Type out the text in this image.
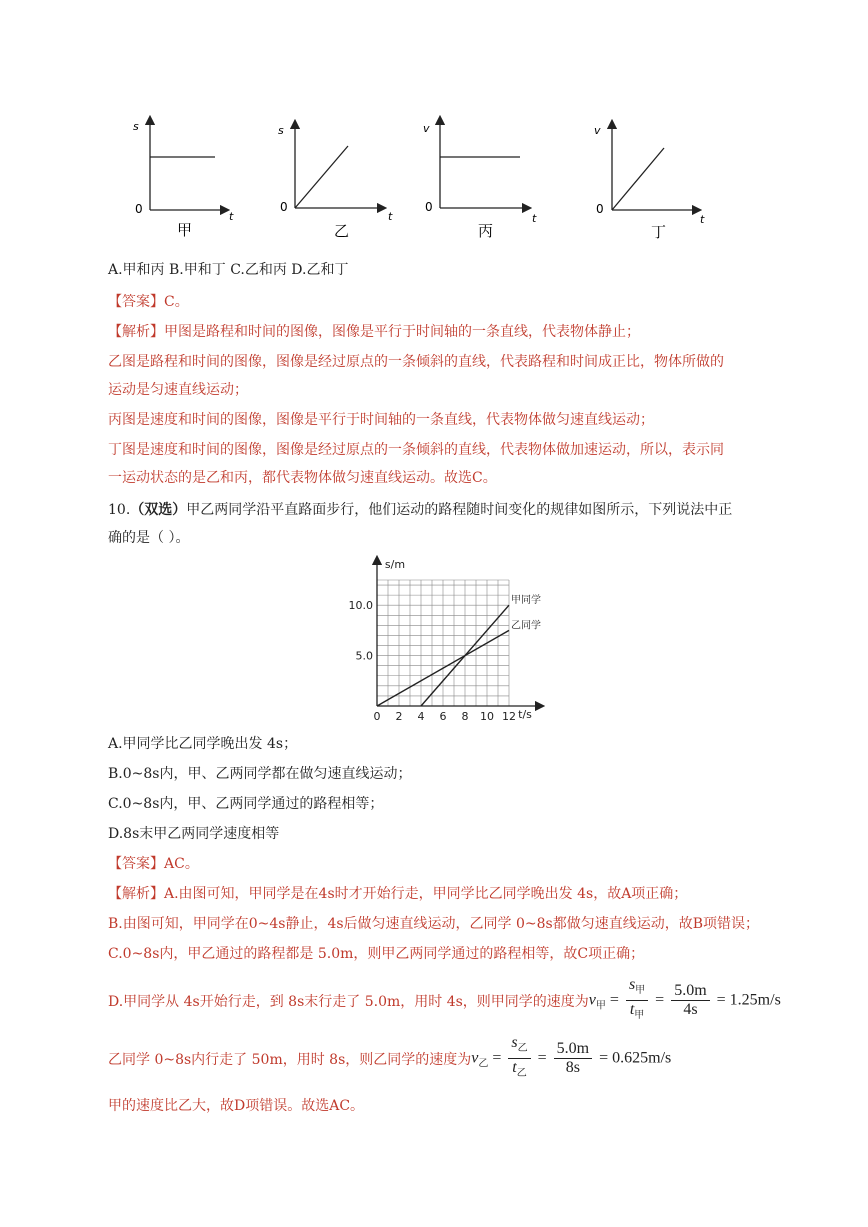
s
0
t
甲
s
0
t
乙
v
0
t
丙
v
0
t
丁
A.甲和丙 B.甲和丁 C.乙和丙 D.乙和丁
【答案】C。
【解析】甲图是路程和时间的图像，图像是平行于时间轴的一条直线，代表物体静止；
乙图是路程和时间的图像，图像是经过原点的一条倾斜的直线，代表路程和时间成正比，物体所做的
运动是匀速直线运动；
丙图是速度和时间的图像，图像是平行于时间轴的一条直线，代表物体做匀速直线运动；
丁图是速度和时间的图像，图像是经过原点的一条倾斜的直线，代表物体做加速运动，所以，表示同
一运动状态的是乙和丙，都代表物体做匀速直线运动。故选C。
10.（双选）甲乙两同学沿平直路面步行，他们运动的路程随时间变化的规律如图所示，下列说法中正
确的是（ ）。
0 2 4 6 8 10 12
5.0
10.0
s/m
t/s
甲同学
乙同学
A.甲同学比乙同学晚出发 4s；
B.0~8s内，甲、乙两同学都在做匀速直线运动；
C.0~8s内，甲、乙两同学通过的路程相等；
D.8s末甲乙两同学速度相等
【答案】AC。
【解析】A.由图可知，甲同学是在4s时才开始行走，甲同学比乙同学晚出发 4s，故A项正确；
B.由图可知，甲同学在0~4s静止，4s后做匀速直线运动，乙同学 0~8s都做匀速直线运动，故B项错误；
C.0~8s内，甲乙通过的路程都是 5.0m，则甲乙两同学通过的路程相等，故C项正确；
D.甲同学从 4s开始行走，到 8s末行走了 5.0m，用时 4s，则甲同学的速度为 $v_甲 = \frac{s_甲}{t_甲} = \frac{5.0m}{4s} = 1.25m/s$
乙同学 0~8s内行走了 50m，用时 8s，则乙同学的速度为 $v_乙 = \frac{s_乙}{t_乙} = \frac{5.0m}{8s} = 0.625m/s$
甲的速度比乙大，故D项错误。故选AC。
